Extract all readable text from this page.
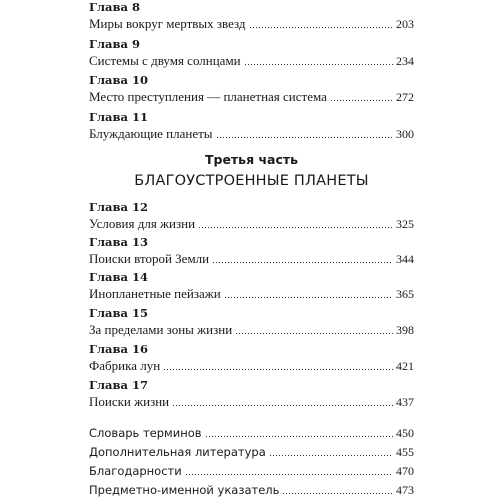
Глава 8
Миры вокруг мертвых звезд	203
Глава 9
Системы с двумя солнцами	234
Глава 10
Место преступления — планетная система	272
Глава 11
Блуждающие планеты	300
Третья часть
БЛАГОУСТРОЕННЫЕ ПЛАНЕТЫ
Глава 12
Условия для жизни	325
Глава 13
Поиски второй Земли	344
Глава 14
Инопланетные пейзажи	365
Глава 15
За пределами зоны жизни	398
Глава 16
Фабрика лун	421
Глава 17
Поиски жизни	437
Словарь терминов	450
Дополнительная литература	455
Благодарности	470
Предметно-именной указатель	473
